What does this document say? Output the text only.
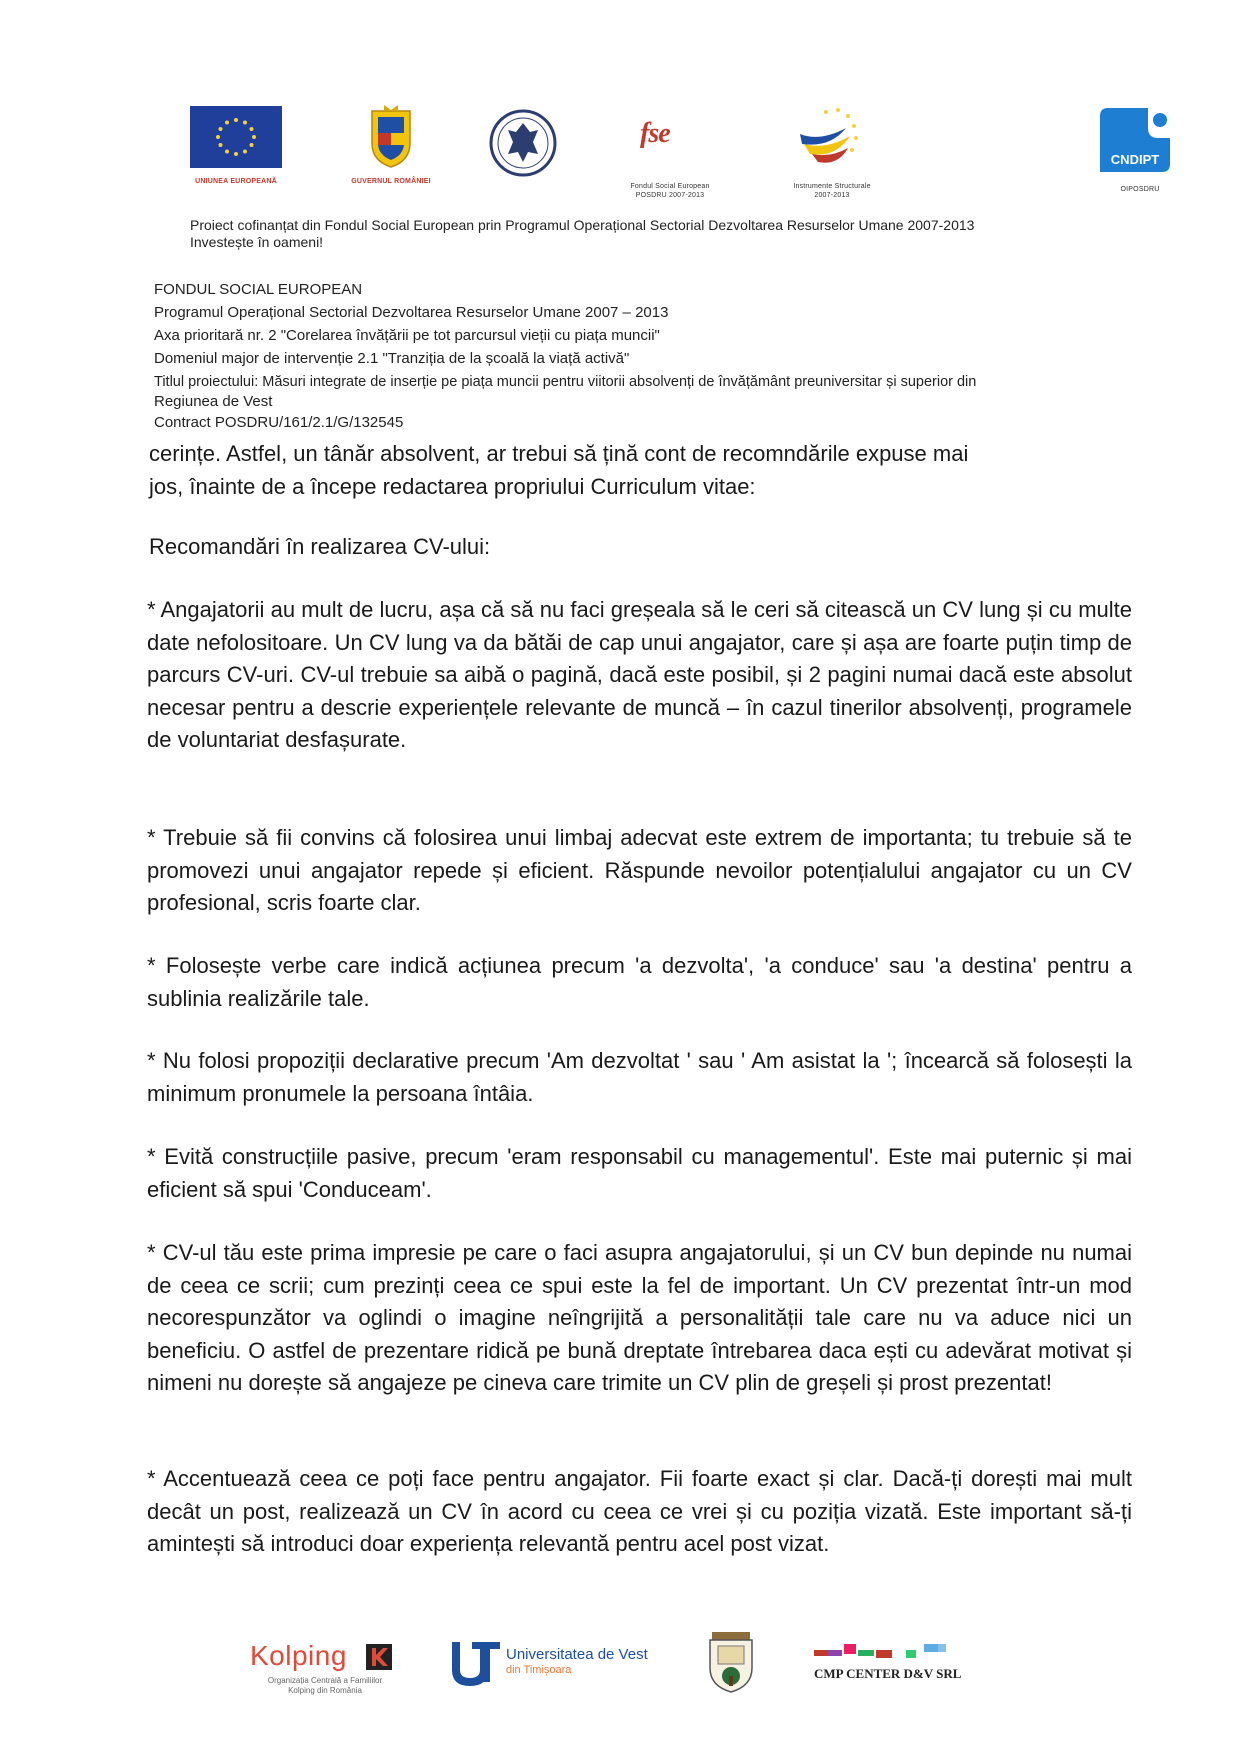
UNIUNEA EUROPEANĂ	GUVERNUL ROMÂNIEI
fse
Fondul Social European
POSDRU 2007-2013
Instrumente Structurale
2007-2013
CNDIPT
OIPOSDRU
Proiect cofinanțat din Fondul Social European prin Programul Operațional Sectorial Dezvoltarea Resurselor Umane 2007-2013
Investește în oameni!
FONDUL SOCIAL EUROPEAN
Programul Operațional Sectorial Dezvoltarea Resurselor Umane 2007 – 2013
Axa prioritară nr. 2 "Corelarea învățării pe tot parcursul vieții cu piața muncii"
Domeniul major de intervenție 2.1 "Tranziția de la școală la viață activă"
Titlul proiectului: Măsuri integrate de inserție pe piața muncii pentru viitorii absolvenți de învățământ preuniversitar și superior din
Regiunea de Vest
Contract POSDRU/161/2.1/G/132545
cerințe. Astfel, un tânăr absolvent, ar trebui să țină cont de recomndările expuse mai
jos, înainte de a începe redactarea propriului Curriculum vitae:
Recomandări în realizarea CV-ului:
* Angajatorii au mult de lucru, așa că să nu faci greșeala să le ceri să citească un CV lung și cu multe date nefolositoare. Un CV lung va da bătăi de cap unui angajator, care și așa are foarte puțin timp de parcurs CV-uri. CV-ul trebuie sa aibă o pagină, dacă este posibil, și 2 pagini numai dacă este absolut necesar pentru a descrie experiențele relevante de muncă – în cazul tinerilor absolvenți, programele de voluntariat desfașurate.
* Trebuie să fii convins că folosirea unui limbaj adecvat este extrem de importanta; tu trebuie să te promovezi unui angajator repede și eficient. Răspunde nevoilor potențialului angajator cu un CV profesional, scris foarte clar.
* Folosește verbe care indică acțiunea precum 'a dezvolta', 'a conduce' sau 'a destina' pentru a sublinia realizările tale.
* Nu folosi propoziții declarative precum 'Am dezvoltat ' sau ' Am asistat la '; încearcă să folosești la minimum pronumele la persoana întâia.
* Evită construcțiile pasive, precum 'eram responsabil cu managementul'. Este mai puternic și mai eficient să spui 'Conduceam'.
* CV-ul tău este prima impresie pe care o faci asupra angajatorului, și un CV bun depinde nu numai de ceea ce scrii; cum prezinți ceea ce spui este la fel de important. Un CV prezentat într-un mod necorespunzător va oglindi o imagine neîngrijită a personalității tale care nu va aduce nici un beneficiu. O astfel de prezentare ridică pe bună dreptate întrebarea daca ești cu adevărat motivat și nimeni nu dorește să angajeze pe cineva care trimite un CV plin de greșeli și prost prezentat!
* Accentuează ceea ce poți face pentru angajator. Fii foarte exact și clar. Dacă-ți dorești mai mult decât un post, realizează un CV în acord cu ceea ce vrei și cu poziția vizată. Este important să-ți amintești să introduci doar experiența relevantă pentru acel post vizat.
Kolping
Organizația Centrală a Familiilor
Kolping din România
Universitatea de Vest
din Timișoara	CMP CENTER D&V SRL
